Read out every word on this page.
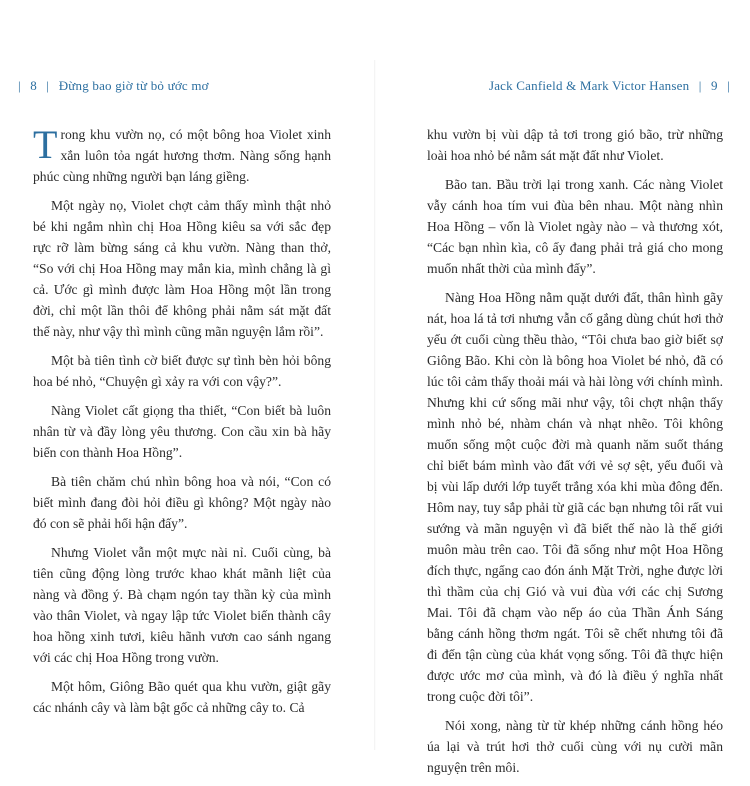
| 8 | Đừng bao giờ từ bỏ ước mơ

Trong khu vườn nọ, có một bông hoa Violet xinh xắn luôn tỏa ngát hương thơm. Nàng sống hạnh phúc cùng những người bạn láng giềng.

Một ngày nọ, Violet chợt cảm thấy mình thật nhỏ bé khi ngắm nhìn chị Hoa Hồng kiêu sa với sắc đẹp rực rỡ làm bừng sáng cả khu vườn. Nàng than thở, “So với chị Hoa Hồng may mắn kia, mình chẳng là gì cả. Ước gì mình được làm Hoa Hồng một lần trong đời, chỉ một lần thôi để không phải nằm sát mặt đất thế này, như vậy thì mình cũng mãn nguyện lắm rồi”.

Một bà tiên tình cờ biết được sự tình bèn hỏi bông hoa bé nhỏ, “Chuyện gì xảy ra với con vậy?”.

Nàng Violet cất giọng tha thiết, “Con biết bà luôn nhân từ và đầy lòng yêu thương. Con cầu xin bà hãy biến con thành Hoa Hồng”.

Bà tiên chăm chú nhìn bông hoa và nói, “Con có biết mình đang đòi hỏi điều gì không? Một ngày nào đó con sẽ phải hối hận đấy”.

Nhưng Violet vẫn một mực nài nỉ. Cuối cùng, bà tiên cũng động lòng trước khao khát mãnh liệt của nàng và đồng ý. Bà chạm ngón tay thần kỳ của mình vào thân Violet, và ngay lập tức Violet biến thành cây hoa hồng xinh tươi, kiêu hãnh vươn cao sánh ngang với các chị Hoa Hồng trong vườn.

Một hôm, Giông Bão quét qua khu vườn, giật gãy các nhánh cây và làm bật gốc cả những cây to. Cả

Jack Canfield & Mark Victor Hansen | 9 |

khu vườn bị vùi dập tả tơi trong gió bão, trừ những loài hoa nhỏ bé nằm sát mặt đất như Violet.

Bão tan. Bầu trời lại trong xanh. Các nàng Violet vẫy cánh hoa tím vui đùa bên nhau. Một nàng nhìn Hoa Hồng – vốn là Violet ngày nào – và thương xót, “Các bạn nhìn kìa, cô ấy đang phải trả giá cho mong muốn nhất thời của mình đấy”.

Nàng Hoa Hồng nằm quặt dưới đất, thân hình gãy nát, hoa lá tả tơi nhưng vẫn cố gắng dùng chút hơi thở yếu ớt cuối cùng thều thào, “Tôi chưa bao giờ biết sợ Giông Bão. Khi còn là bông hoa Violet bé nhỏ, đã có lúc tôi cảm thấy thoải mái và hài lòng với chính mình. Nhưng khi cứ sống mãi như vậy, tôi chợt nhận thấy mình nhỏ bé, nhàm chán và nhạt nhẽo. Tôi không muốn sống một cuộc đời mà quanh năm suốt tháng chỉ biết bám mình vào đất với vẻ sợ sệt, yếu đuối và bị vùi lấp dưới lớp tuyết trắng xóa khi mùa đông đến. Hôm nay, tuy sắp phải từ giã các bạn nhưng tôi rất vui sướng và mãn nguyện vì đã biết thế nào là thế giới muôn màu trên cao. Tôi đã sống như một Hoa Hồng đích thực, ngẩng cao đón ánh Mặt Trời, nghe được lời thì thầm của chị Gió và vui đùa với các chị Sương Mai. Tôi đã chạm vào nếp áo của Thần Ánh Sáng bằng cánh hồng thơm ngát. Tôi sẽ chết nhưng tôi đã đi đến tận cùng của khát vọng sống. Tôi đã thực hiện được ước mơ của mình, và đó là điều ý nghĩa nhất trong cuộc đời tôi”.

Nói xong, nàng từ từ khép những cánh hồng héo úa lại và trút hơi thở cuối cùng với nụ cười mãn nguyện trên môi.
